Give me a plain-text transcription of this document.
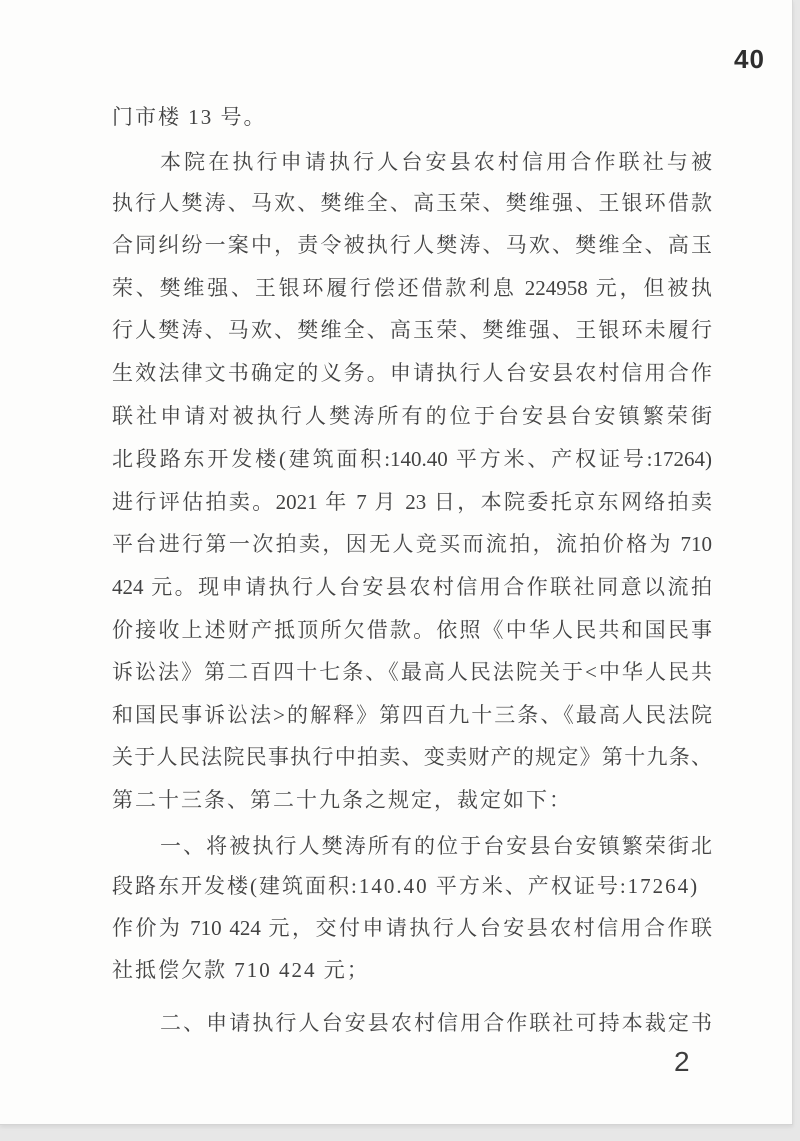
40
门市楼 13 号。
本院在执行申请执行人台安县农村信用合作联社与被
执行人樊涛、马欢、樊维全、高玉荣、樊维强、王银环借款
合同纠纷一案中，责令被执行人樊涛、马欢、樊维全、高玉
荣、樊维强、王银环履行偿还借款利息 224958 元，但被执
行人樊涛、马欢、樊维全、高玉荣、樊维强、王银环未履行
生效法律文书确定的义务。申请执行人台安县农村信用合作
联社申请对被执行人樊涛所有的位于台安县台安镇繁荣街
北段路东开发楼(建筑面积:140.40 平方米、产权证号:17264)
进行评估拍卖。2021 年 7 月 23 日，本院委托京东网络拍卖
平台进行第一次拍卖，因无人竞买而流拍，流拍价格为 710
424 元。现申请执行人台安县农村信用合作联社同意以流拍
价接收上述财产抵顶所欠借款。依照《中华人民共和国民事
诉讼法》第二百四十七条、《最高人民法院关于<中华人民共
和国民事诉讼法>的解释》第四百九十三条、《最高人民法院
关于人民法院民事执行中拍卖、变卖财产的规定》第十九条、
第二十三条、第二十九条之规定，裁定如下：
一、将被执行人樊涛所有的位于台安县台安镇繁荣街北
段路东开发楼(建筑面积:140.40 平方米、产权证号:17264)
作价为 710 424 元，交付申请执行人台安县农村信用合作联
社抵偿欠款 710 424 元；
二、申请执行人台安县农村信用合作联社可持本裁定书
2
